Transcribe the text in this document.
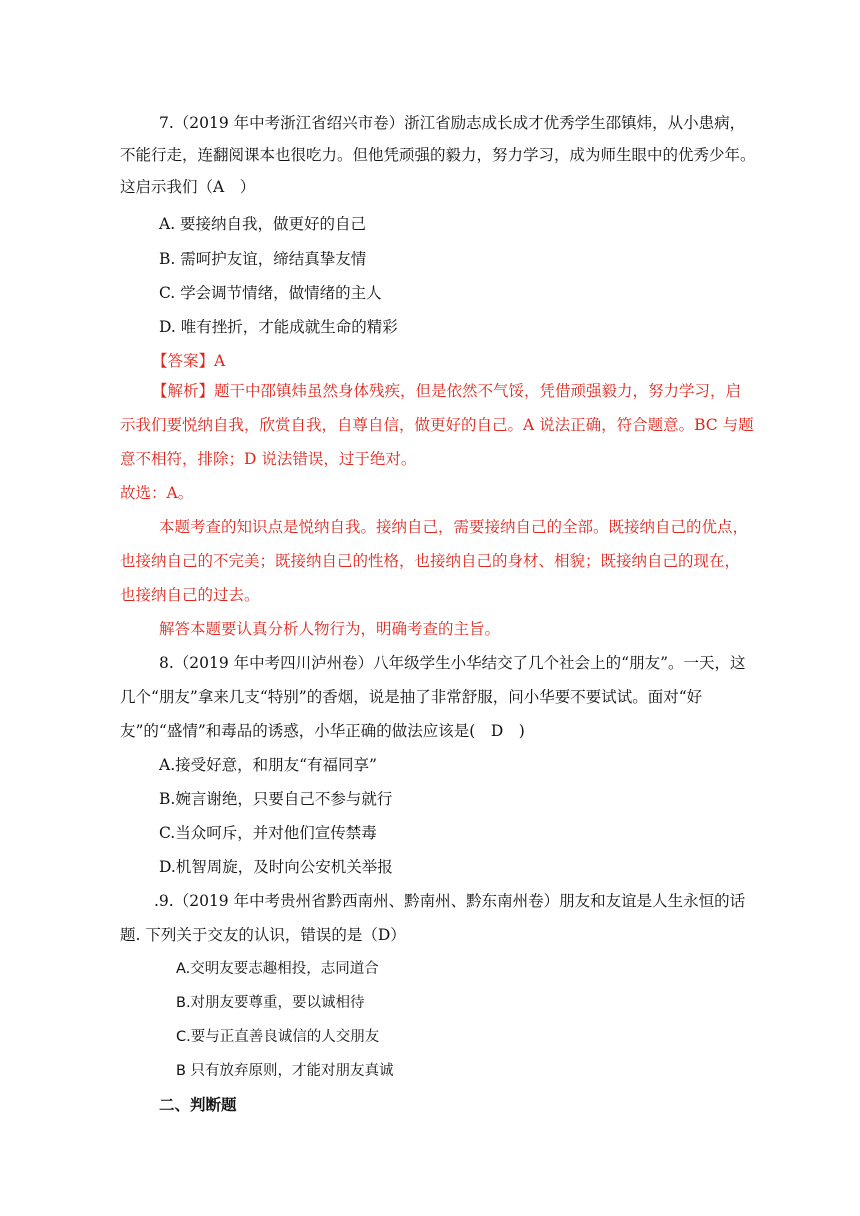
7.（2019 年中考浙江省绍兴市卷）浙江省励志成长成才优秀学生邵镇炜，从小患病，
不能行走，连翻阅课本也很吃力。但他凭顽强的毅力，努力学习，成为师生眼中的优秀少年。
这启示我们（A　）
A. 要接纳自我，做更好的自己
B. 需呵护友谊，缔结真挚友情
C. 学会调节情绪，做情绪的主人
D. 唯有挫折，才能成就生命的精彩
【答案】A
【解析】题干中邵镇炜虽然身体残疾，但是依然不气馁，凭借顽强毅力，努力学习，启
示我们要悦纳自我，欣赏自我，自尊自信，做更好的自己。A 说法正确，符合题意。BC 与题
意不相符，排除；D 说法错误，过于绝对。
故选：A。
本题考查的知识点是悦纳自我。接纳自己，需要接纳自己的全部。既接纳自己的优点，
也接纳自己的不完美；既接纳自己的性格，也接纳自己的身材、相貌；既接纳自己的现在，
也接纳自己的过去。
解答本题要认真分析人物行为，明确考查的主旨。
8.（2019 年中考四川泸州卷）八年级学生小华结交了几个社会上的“朋友”。一天，这
几个“朋友”拿来几支“特别”的香烟，说是抽了非常舒服，问小华要不要试试。面对“好
友”的“盛情”和毒品的诱惑，小华正确的做法应该是(　D　)
A.接受好意，和朋友“有福同享”
B.婉言谢绝，只要自己不参与就行
C.当众呵斥，并对他们宣传禁毒
D.机智周旋，及时向公安机关举报
.9.（2019 年中考贵州省黔西南州、黔南州、黔东南州卷）朋友和友谊是人生永恒的话
题. 下列关于交友的认识，错误的是（D）
A.交明友要志趣相投，志同道合
B.对朋友要尊重，要以诚相待
C.要与正直善良诚信的人交朋友
B 只有放弃原则，才能对朋友真诚
二、判断题
